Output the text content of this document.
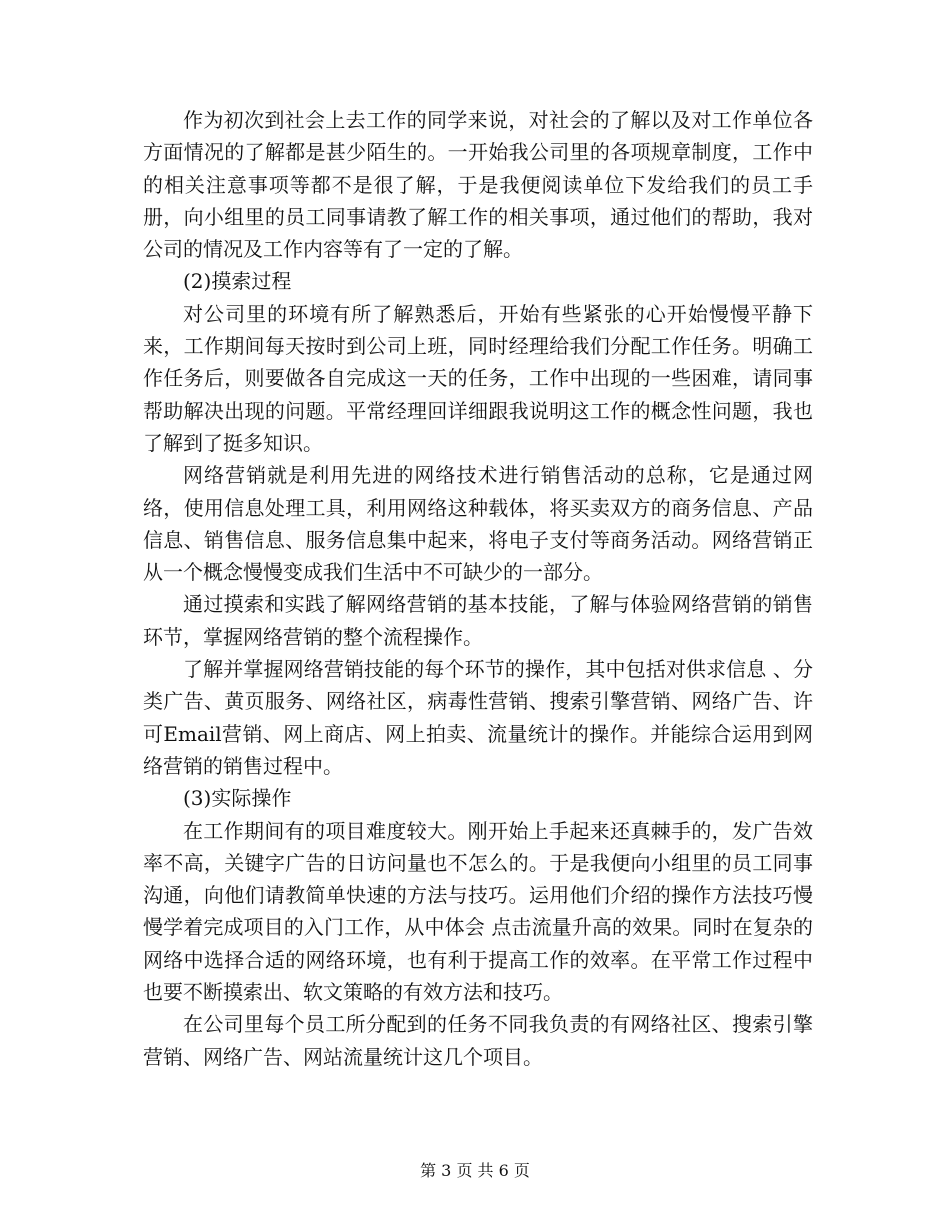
作为初次到社会上去工作的同学来说，对社会的了解以及对工作单位各方面情况的了解都是甚少陌生的。一开始我公司里的各项规章制度，工作中的相关注意事项等都不是很了解，于是我便阅读单位下发给我们的员工手册，向小组里的员工同事请教了解工作的相关事项，通过他们的帮助，我对公司的情况及工作内容等有了一定的了解。

(2)摸索过程

对公司里的环境有所了解熟悉后，开始有些紧张的心开始慢慢平静下来，工作期间每天按时到公司上班，同时经理给我们分配工作任务。明确工作任务后，则要做各自完成这一天的任务，工作中出现的一些困难，请同事帮助解决出现的问题。平常经理回详细跟我说明这工作的概念性问题，我也了解到了挺多知识。

网络营销就是利用先进的网络技术进行销售活动的总称，它是通过网络，使用信息处理工具，利用网络这种载体，将买卖双方的商务信息、产品信息、销售信息、服务信息集中起来，将电子支付等商务活动。网络营销正从一个概念慢慢变成我们生活中不可缺少的一部分。

通过摸索和实践了解网络营销的基本技能，了解与体验网络营销的销售环节，掌握网络营销的整个流程操作。

了解并掌握网络营销技能的每个环节的操作，其中包括对供求信息 、分类广告、黄页服务、网络社区，病毒性营销、搜索引擎营销、网络广告、许可Email营销、网上商店、网上拍卖、流量统计的操作。并能综合运用到网络营销的销售过程中。

(3)实际操作

在工作期间有的项目难度较大。刚开始上手起来还真棘手的，发广告效率不高，关键字广告的日访问量也不怎么的。于是我便向小组里的员工同事沟通，向他们请教简单快速的方法与技巧。运用他们介绍的操作方法技巧慢慢学着完成项目的入门工作，从中体会 点击流量升高的效果。同时在复杂的网络中选择合适的网络环境，也有利于提高工作的效率。在平常工作过程中也要不断摸索出、软文策略的有效方法和技巧。

在公司里每个员工所分配到的任务不同我负责的有网络社区、搜索引擎营销、网络广告、网站流量统计这几个项目。

第 3 页 共 6 页
